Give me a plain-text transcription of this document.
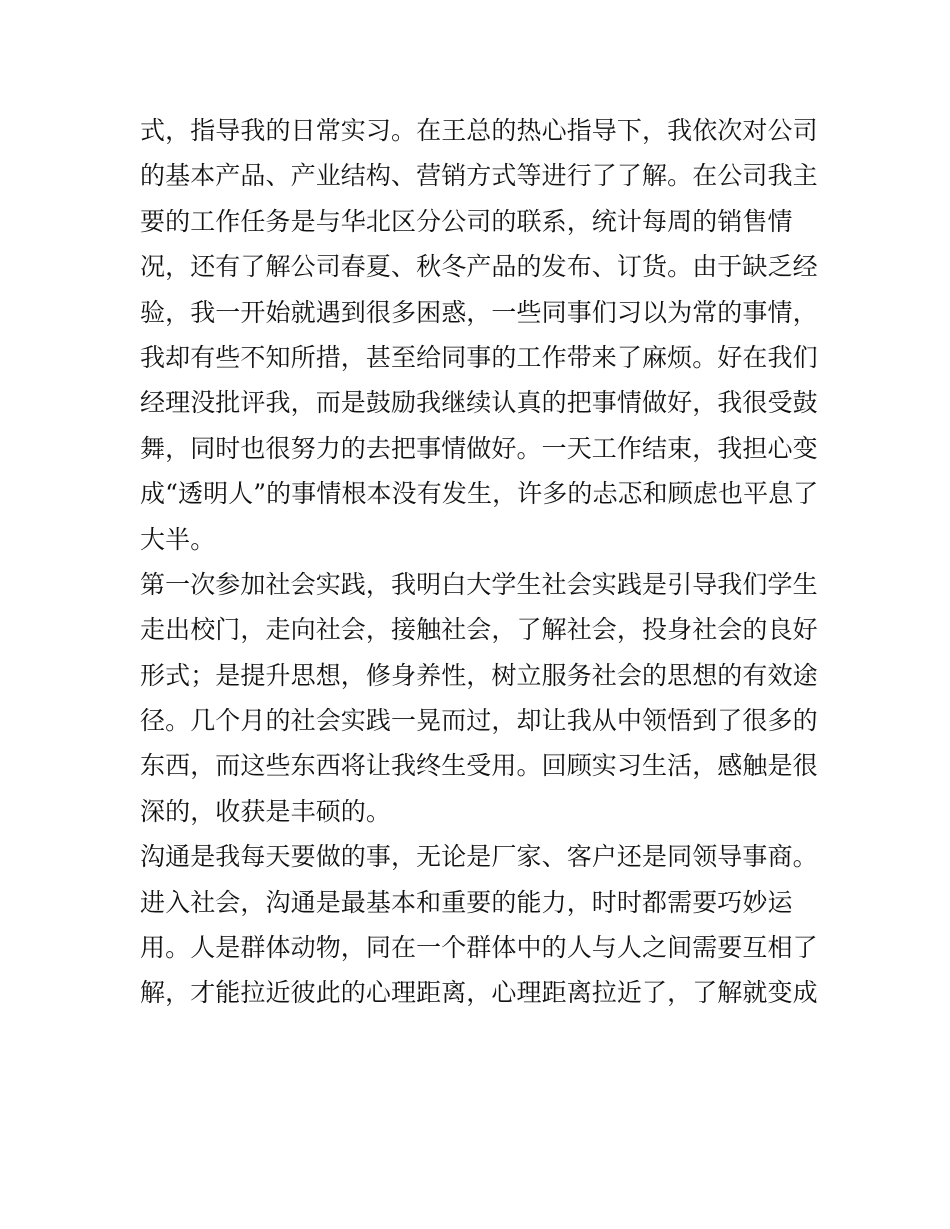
式，指导我的日常实习。在王总的热心指导下，我依次对公司
的基本产品、产业结构、营销方式等进行了了解。在公司我主
要的工作任务是与华北区分公司的联系，统计每周的销售情
况，还有了解公司春夏、秋冬产品的发布、订货。由于缺乏经
验，我一开始就遇到很多困惑，一些同事们习以为常的事情，
我却有些不知所措，甚至给同事的工作带来了麻烦。好在我们
经理没批评我，而是鼓励我继续认真的把事情做好，我很受鼓
舞，同时也很努力的去把事情做好。一天工作结束，我担心变
成“透明人”的事情根本没有发生，许多的忐忑和顾虑也平息了
大半。
第一次参加社会实践，我明白大学生社会实践是引导我们学生
走出校门，走向社会，接触社会，了解社会，投身社会的良好
形式；是提升思想，修身养性，树立服务社会的思想的有效途
径。几个月的社会实践一晃而过，却让我从中领悟到了很多的
东西，而这些东西将让我终生受用。回顾实习生活，感触是很
深的，收获是丰硕的。
沟通是我每天要做的事，无论是厂家、客户还是同领导事商。
进入社会，沟通是最基本和重要的能力，时时都需要巧妙运
用。人是群体动物，同在一个群体中的人与人之间需要互相了
解，才能拉近彼此的心理距离，心理距离拉近了，了解就变成
